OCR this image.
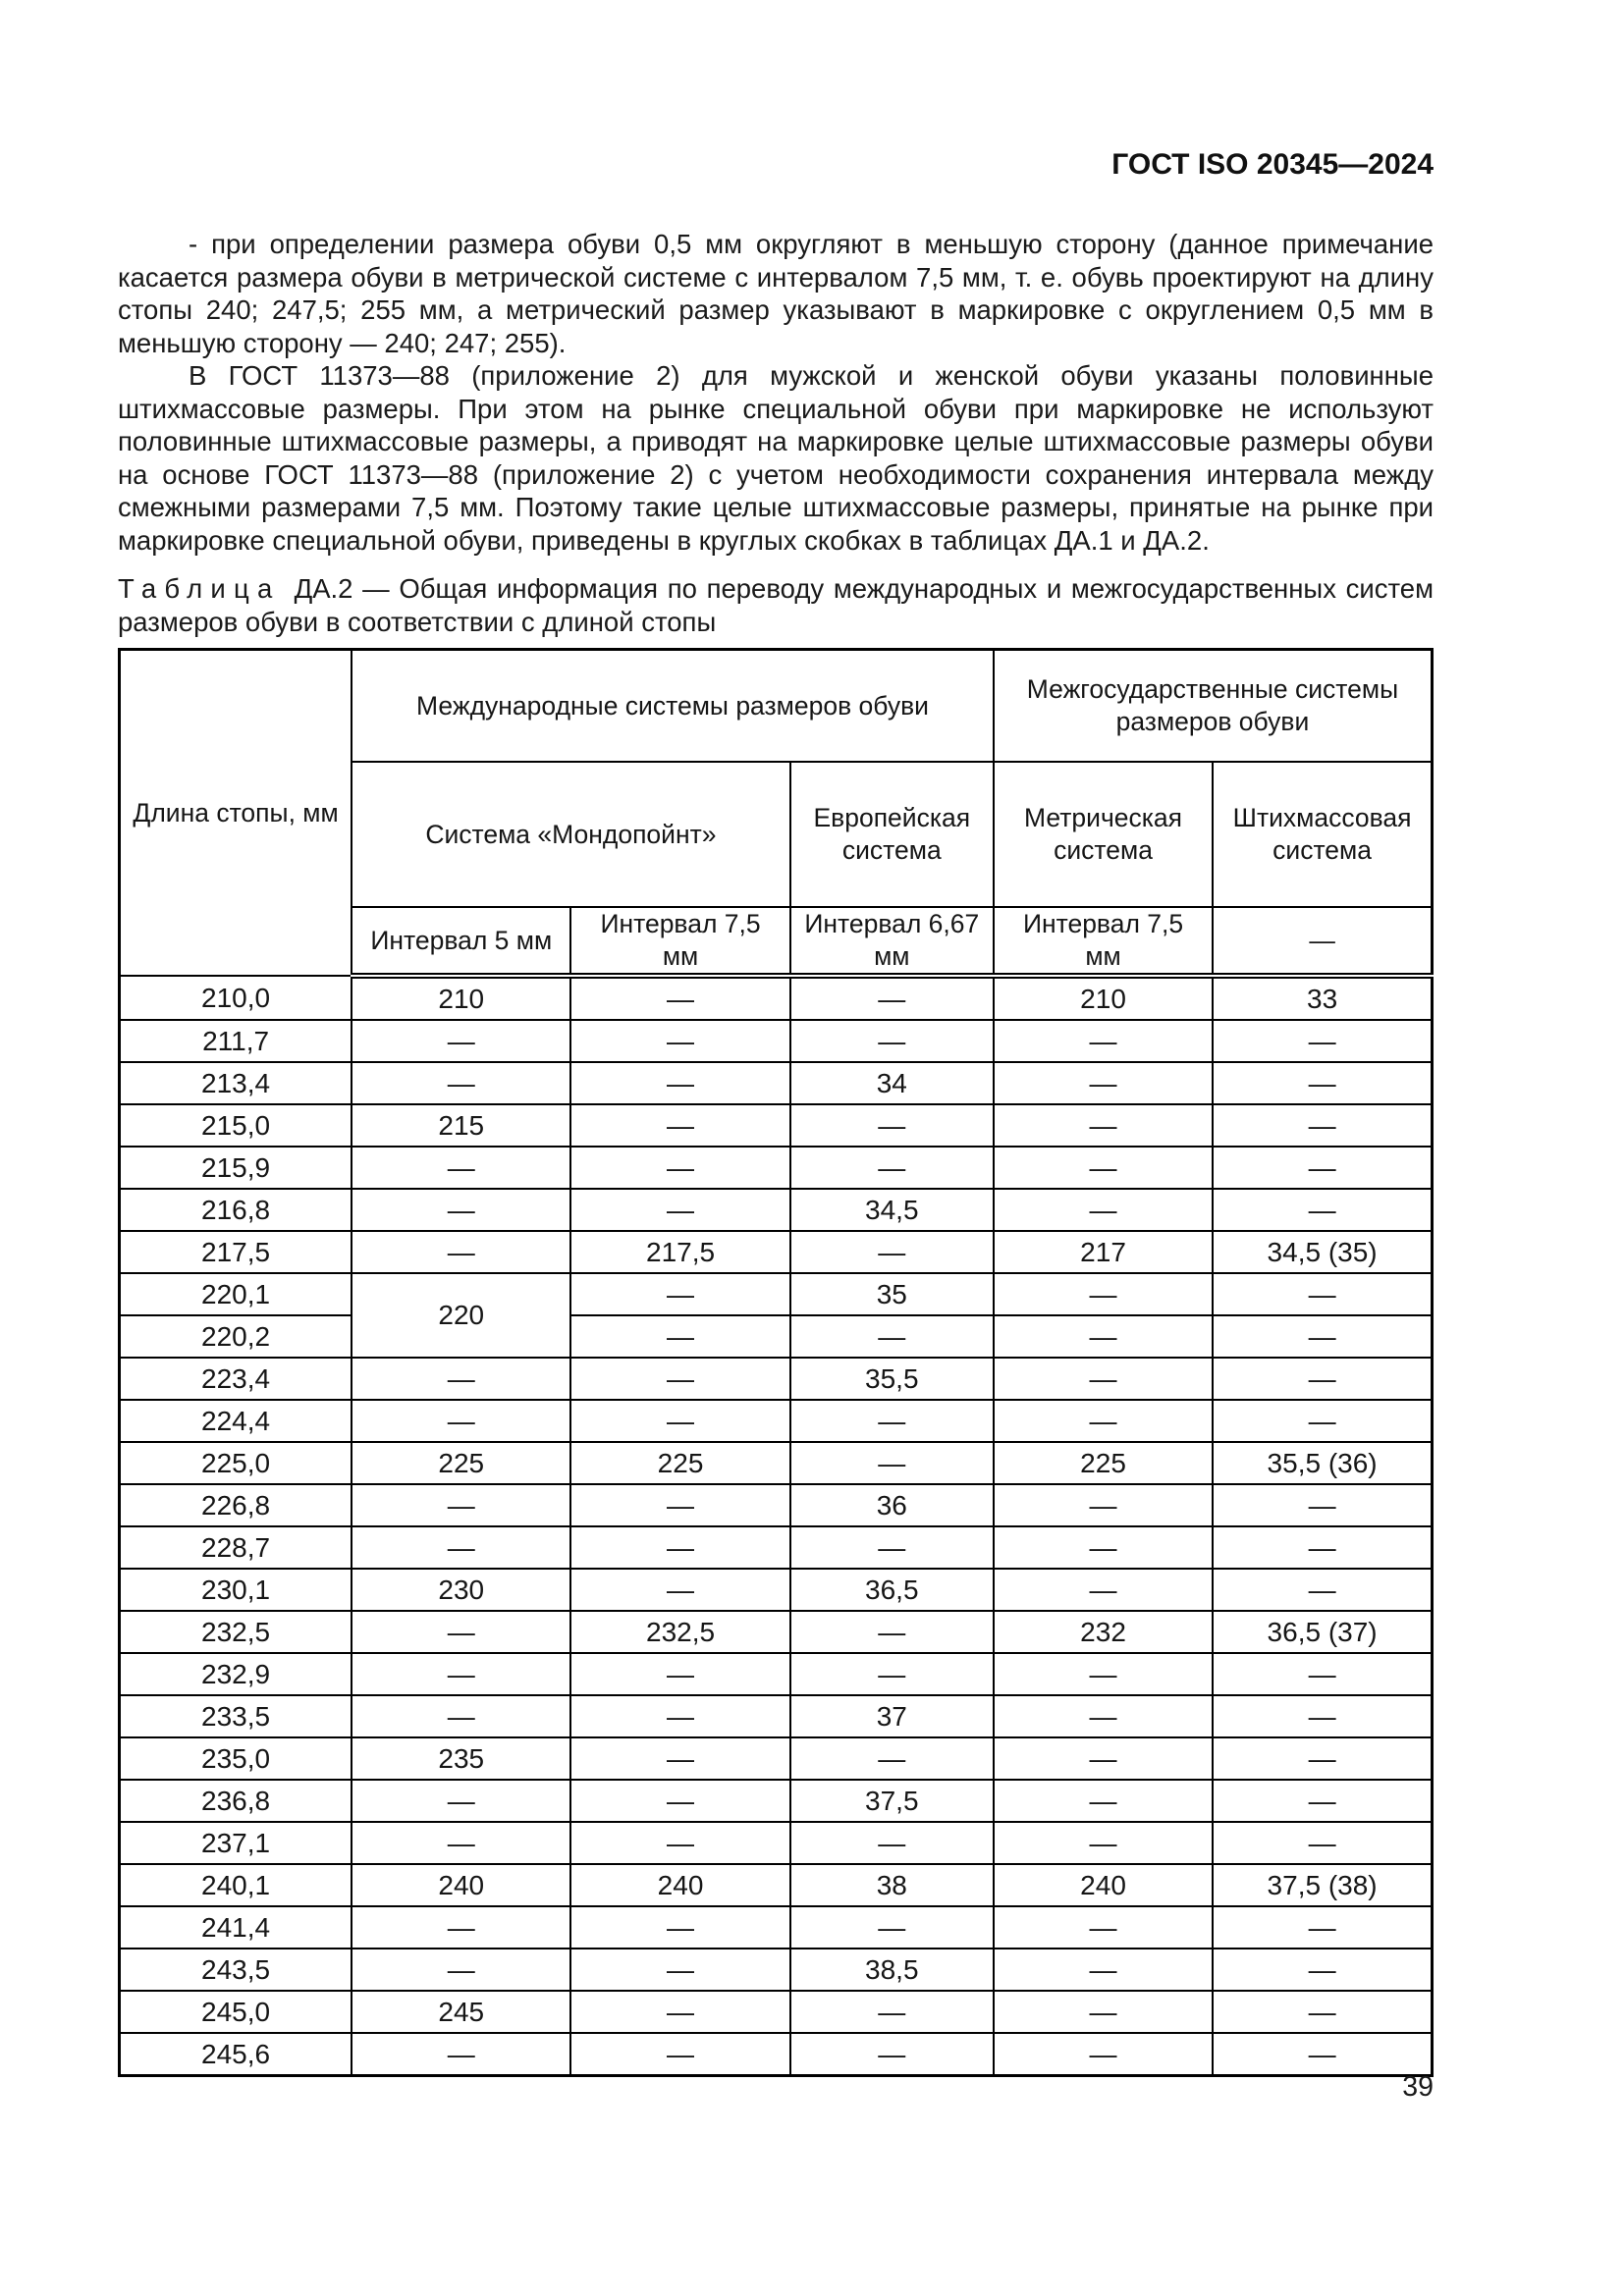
ГОСТ ISO 20345—2024

- при определении размера обуви 0,5 мм округляют в меньшую сторону (данное примечание касается размера обуви в метрической системе с интервалом 7,5 мм, т. е. обувь проектируют на длину стопы 240; 247,5; 255 мм, а метрический размер указывают в маркировке с округлением 0,5 мм в меньшую сторону — 240; 247; 255).

В ГОСТ 11373—88 (приложение 2) для мужской и женской обуви указаны половинные штихмассовые размеры. При этом на рынке специальной обуви при маркировке не используют половинные штихмассовые размеры, а приводят на маркировке целые штихмассовые размеры обуви на основе ГОСТ 11373—88 (приложение 2) с учетом необходимости сохранения интервала между смежными размерами 7,5 мм. Поэтому такие целые штихмассовые размеры, принятые на рынке при маркировке специальной обуви, приведены в круглых скобках в таблицах ДА.1 и ДА.2.

Таблица ДА.2 — Общая информация по переводу международных и межгосударственных систем размеров обуви в соответствии с длиной стопы

Длина стопы, мм	Международные системы размеров обуви			Межгосударственные системы размеров обуви	
	Система «Мондопойнт»		Европейская система	Метрическая система	Штихмассовая система
	Интервал 5 мм	Интервал 7,5 мм	Интервал 6,67 мм	Интервал 7,5 мм	—
210,0	210	—	—	210	33
211,7	—	—	—	—	—
213,4	—	—	34	—	—
215,0	215	—	—	—	—
215,9	—	—	—	—	—
216,8	—	—	34,5	—	—
217,5	—	217,5	—	217	34,5 (35)
220,1	220	—	35	—	—
220,2		—	—	—	—
223,4	—	—	35,5	—	—
224,4	—	—	—	—	—
225,0	225	225	—	225	35,5 (36)
226,8	—	—	36	—	—
228,7	—	—	—	—	—
230,1	230	—	36,5	—	—
232,5	—	232,5	—	232	36,5 (37)
232,9	—	—	—	—	—
233,5	—	—	37	—	—
235,0	235	—	—	—	—
236,8	—	—	37,5	—	—
237,1	—	—	—	—	—
240,1	240	240	38	240	37,5 (38)
241,4	—	—	—	—	—
243,5	—	—	38,5	—	—
245,0	245	—	—	—	—
245,6	—	—	—	—	—
39
